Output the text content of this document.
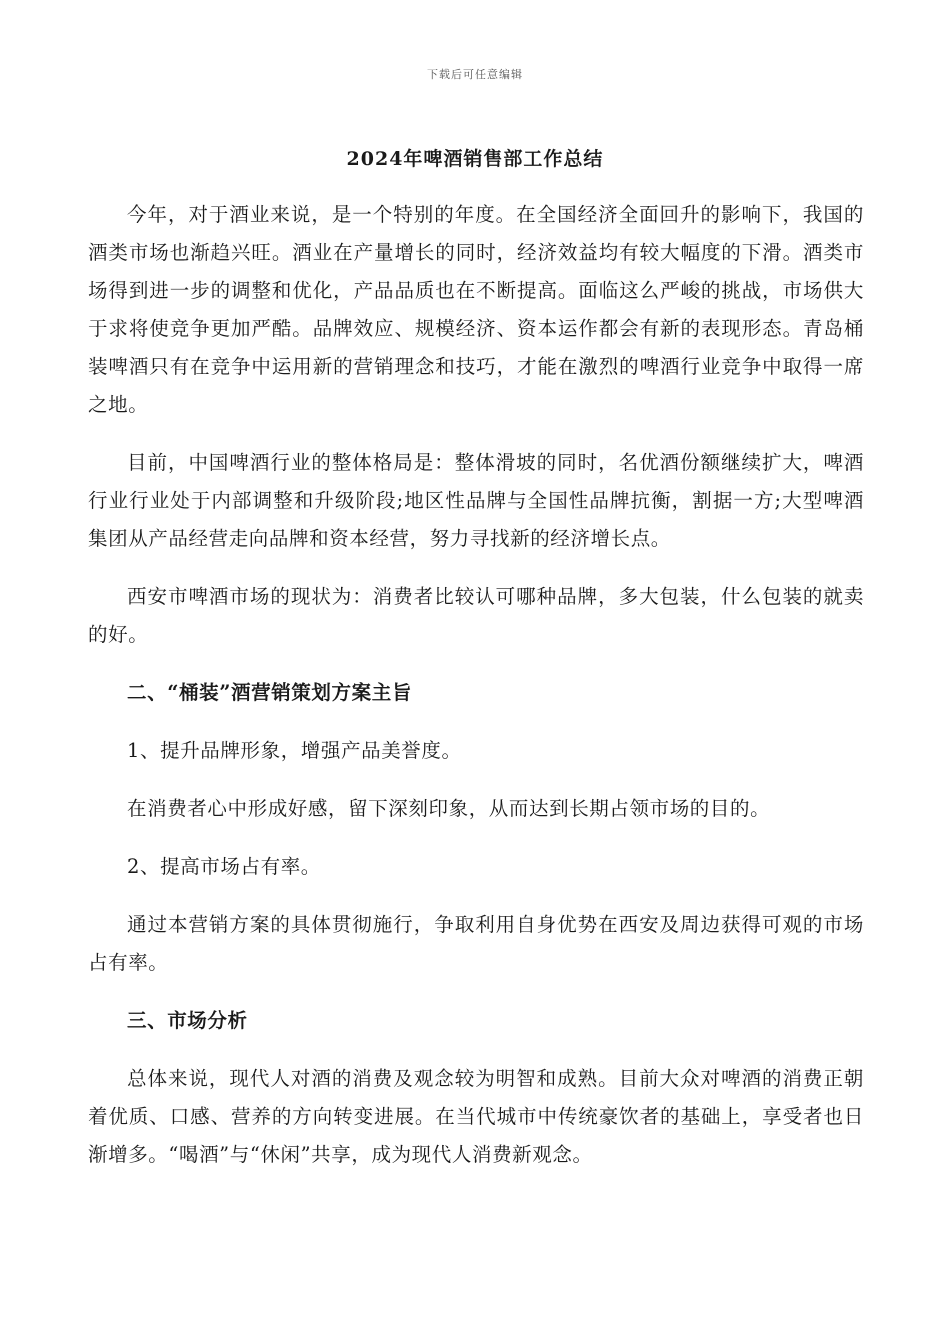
下载后可任意编辑
2024年啤酒销售部工作总结

今年，对于酒业来说，是一个特别的年度。在全国经济全面回升的影响下，我国的酒类市场也渐趋兴旺。酒业在产量增长的同时，经济效益均有较大幅度的下滑。酒类市场得到进一步的调整和优化，产品品质也在不断提高。面临这么严峻的挑战，市场供大于求将使竞争更加严酷。品牌效应、规模经济、资本运作都会有新的表现形态。青岛桶装啤酒只有在竞争中运用新的营销理念和技巧，才能在激烈的啤酒行业竞争中取得一席之地。

目前，中国啤酒行业的整体格局是：整体滑坡的同时，名优酒份额继续扩大，啤酒行业行业处于内部调整和升级阶段;地区性品牌与全国性品牌抗衡，割据一方;大型啤酒集团从产品经营走向品牌和资本经营，努力寻找新的经济增长点。

西安市啤酒市场的现状为：消费者比较认可哪种品牌，多大包装，什么包装的就卖的好。

二、“桶装”酒营销策划方案主旨

1、提升品牌形象，增强产品美誉度。

在消费者心中形成好感，留下深刻印象，从而达到长期占领市场的目的。

2、提高市场占有率。

通过本营销方案的具体贯彻施行，争取利用自身优势在西安及周边获得可观的市场占有率。

三、市场分析

总体来说，现代人对酒的消费及观念较为明智和成熟。目前大众对啤酒的消费正朝着优质、口感、营养的方向转变进展。在当代城市中传统豪饮者的基础上，享受者也日渐增多。“喝酒”与“休闲”共享，成为现代人消费新观念。
